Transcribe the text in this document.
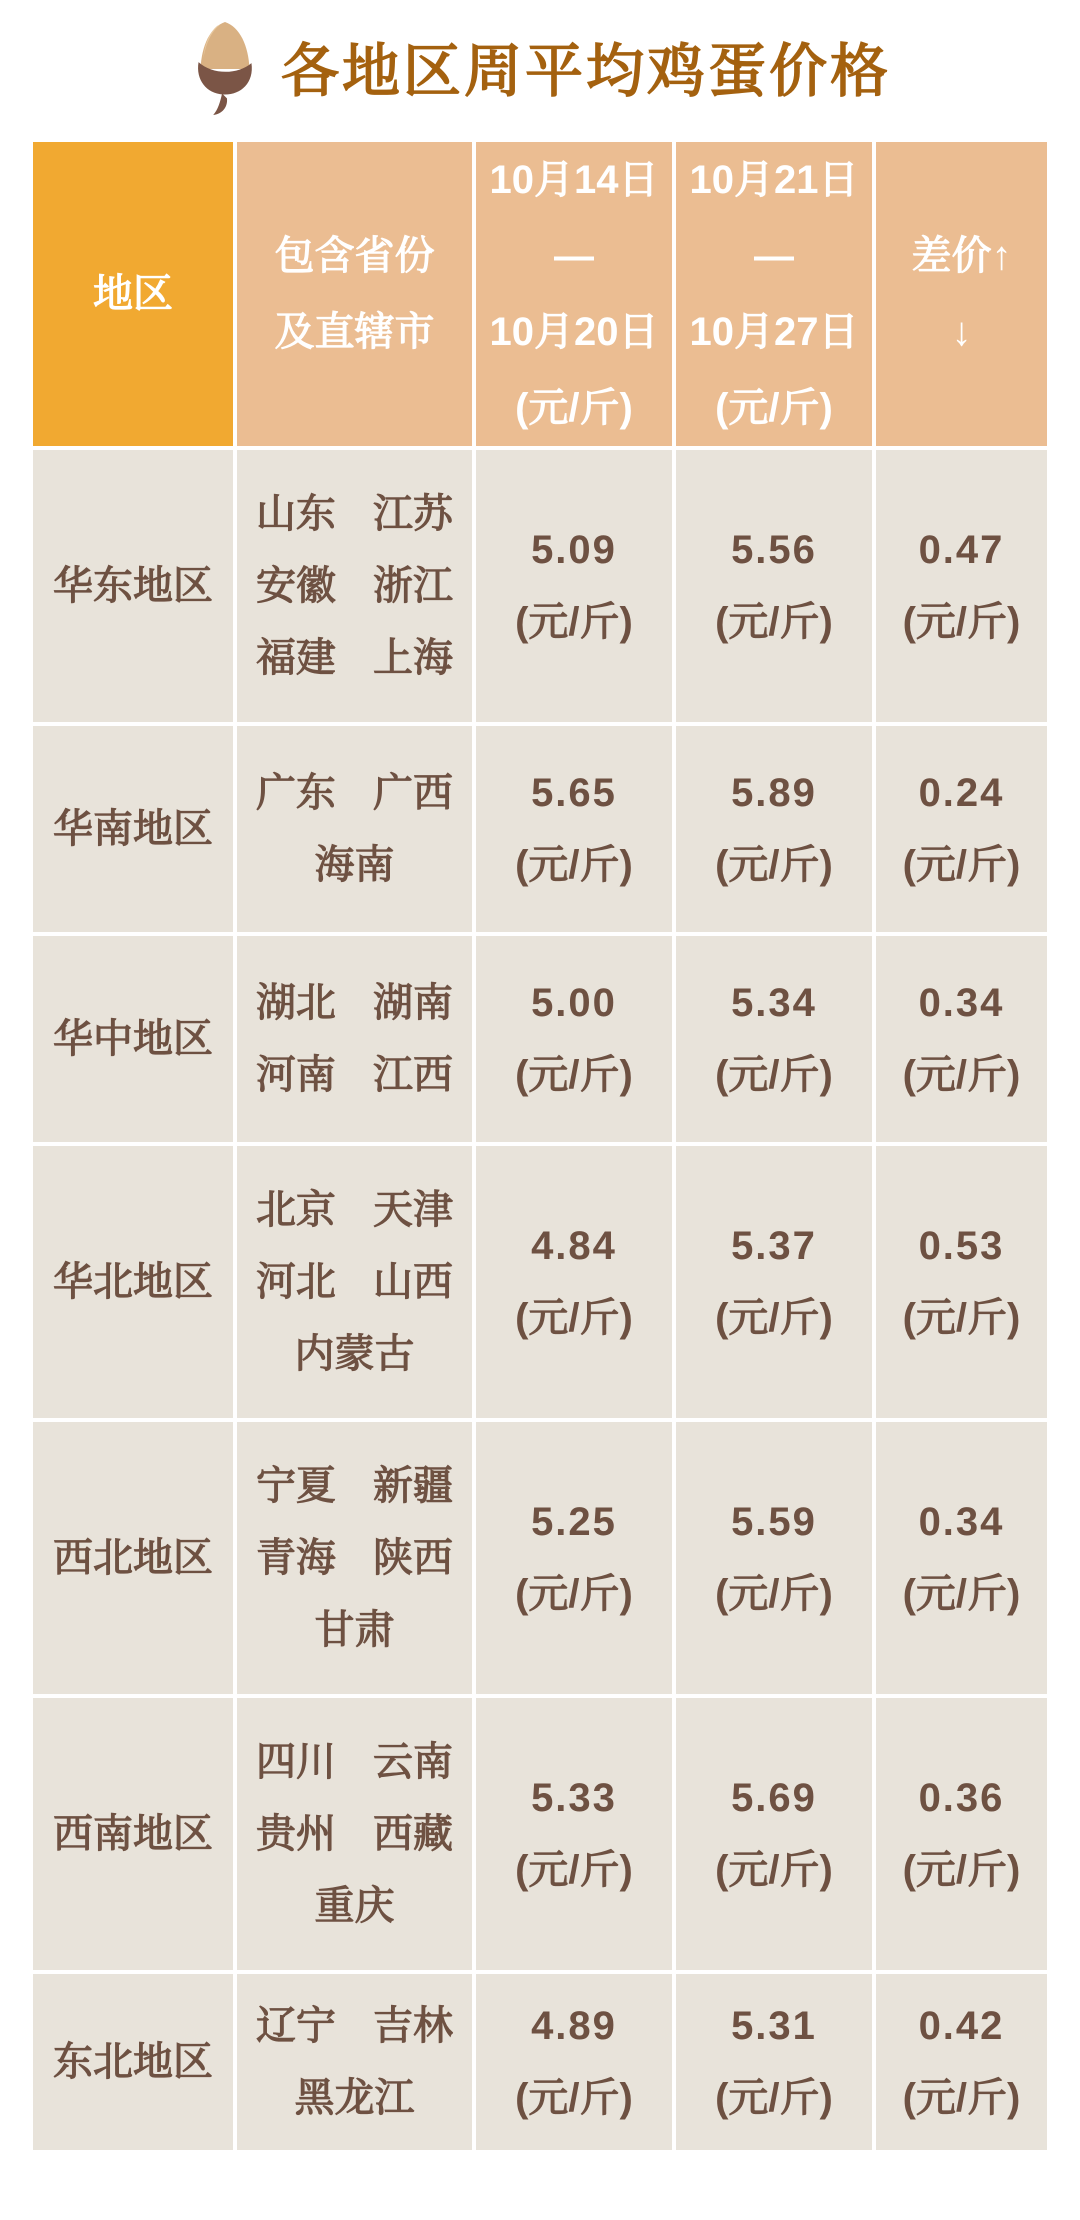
各地区周平均鸡蛋价格
地区
包含省份
及直辖市
10月14日
—
10月20日
(元/斤)
10月21日
—
10月27日
(元/斤)
差价↑
↓
华东地区
山东 江苏
安徽 浙江
福建 上海
5.09
(元/斤)
5.56
(元/斤)
0.47
(元/斤)
华南地区
广东 广西
海南
5.65
(元/斤)
5.89
(元/斤)
0.24
(元/斤)
华中地区
湖北 湖南
河南 江西
5.00
(元/斤)
5.34
(元/斤)
0.34
(元/斤)
华北地区
北京 天津
河北 山西
内蒙古
4.84
(元/斤)
5.37
(元/斤)
0.53
(元/斤)
西北地区
宁夏 新疆
青海 陕西
甘肃
5.25
(元/斤)
5.59
(元/斤)
0.34
(元/斤)
西南地区
四川 云南
贵州 西藏
重庆
5.33
(元/斤)
5.69
(元/斤)
0.36
(元/斤)
东北地区
辽宁 吉林
黑龙江
4.89
(元/斤)
5.31
(元/斤)
0.42
(元/斤)
